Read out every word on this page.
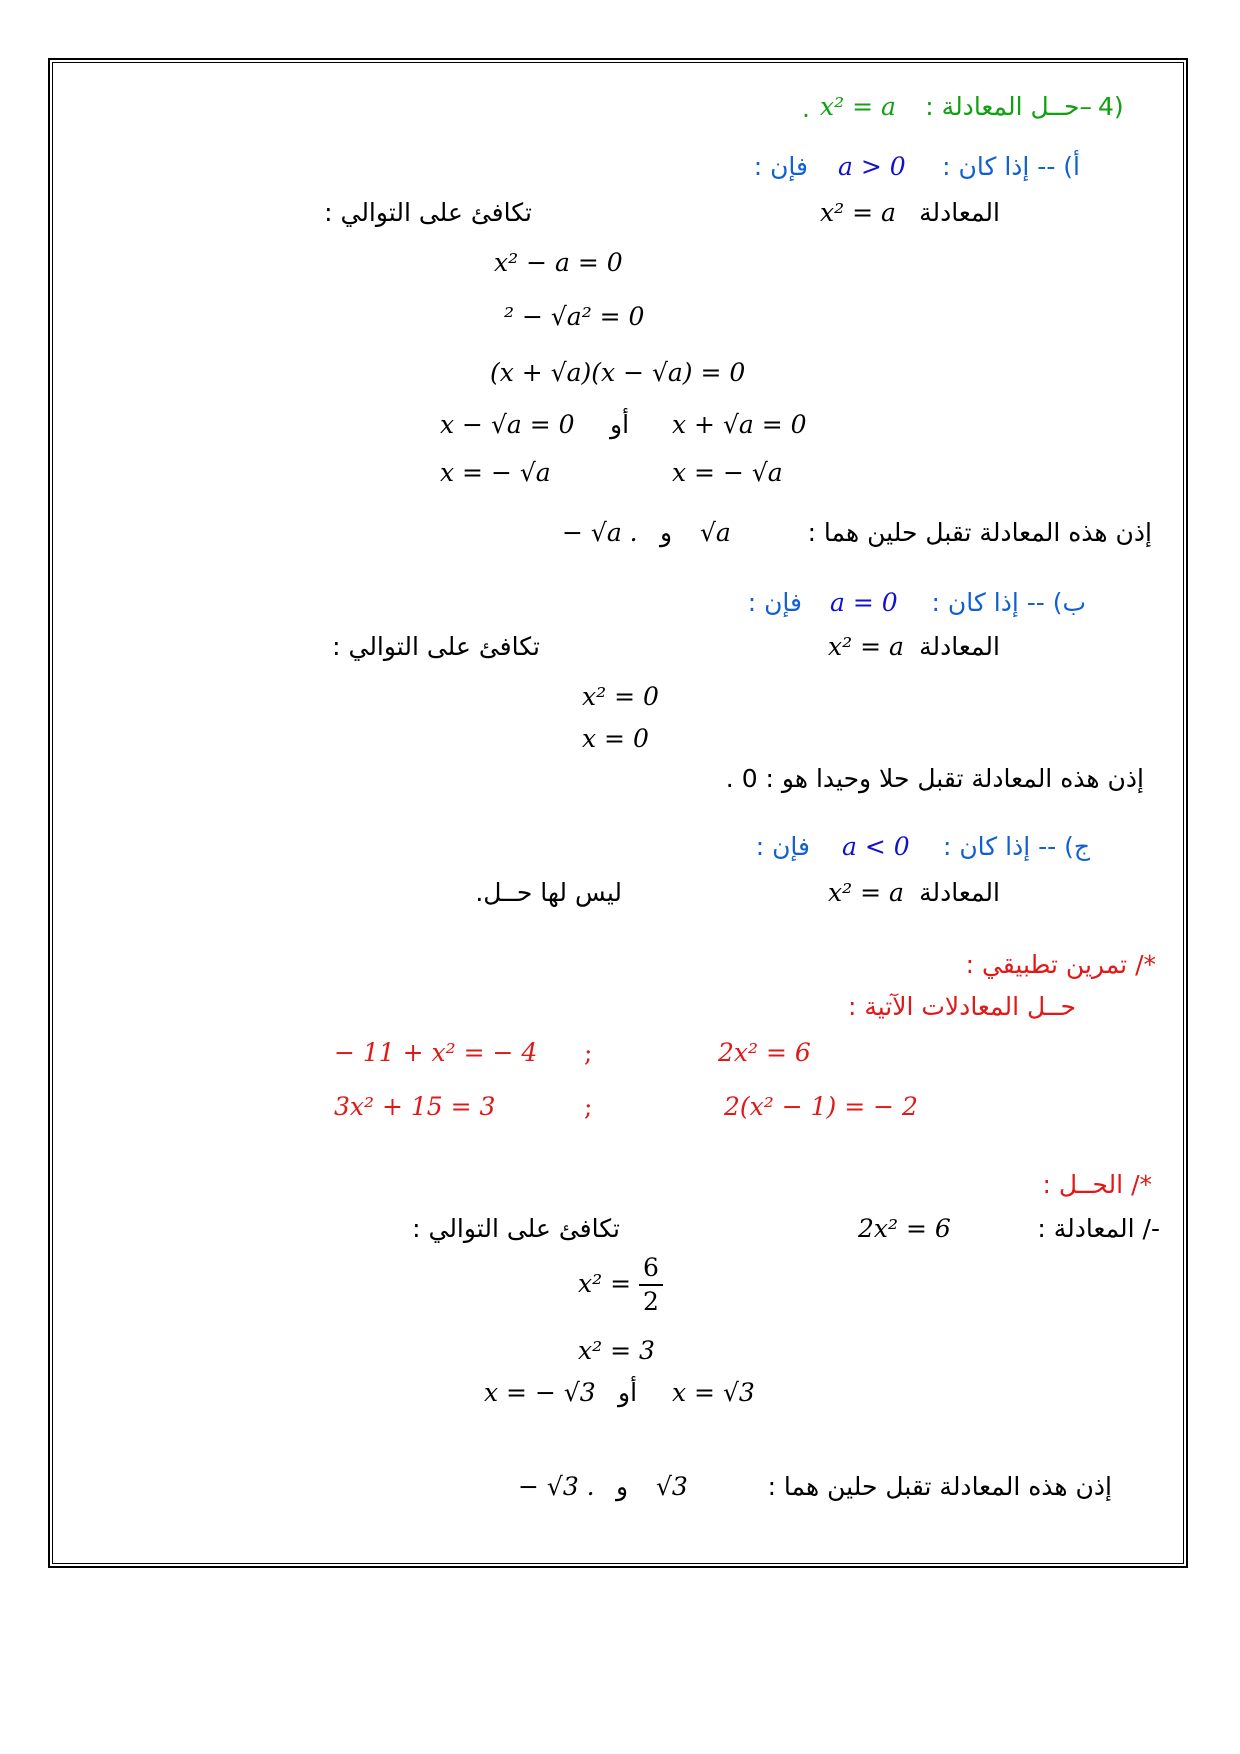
4)
–حــل المعادلة :
x² = a
.
أ) -- إذا كان :
a > 0
فإن :
المعادلة
x² = a
تكافئ على التوالي :
x² − a = 0
² − √a² = 0
(x + √a)(x − √a) = 0
x − √a = 0 أو x + √a = 0
x = − √a	x = − √a
إذن هذه المعادلة تقبل حلين هما :
√a
و
− √a .
ب) -- إذا كان :
a = 0
فإن :
المعادلة
x² = a
تكافئ على التوالي :
x² = 0
x = 0
إذن هذه المعادلة تقبل حلا وحيدا هو : 0 .
ج) -- إذا كان :
a < 0
فإن :
المعادلة
x² = a
ليس لها حــل.
*/ تمرين تطبيقي :
حــل المعادلات الآتية :
2x² = 6
;
− 11 + x² = − 4
2(x² − 1) = − 2
;
3x² + 15 = 3
*/ الحــل :
-/ المعادلة :
2x² = 6
تكافئ على التوالي :
$x^2 = \frac{6}{2}$
x² = 3
x = − √3 أو x = √3
إذن هذه المعادلة تقبل حلين هما :
√3
و
− √3 .
